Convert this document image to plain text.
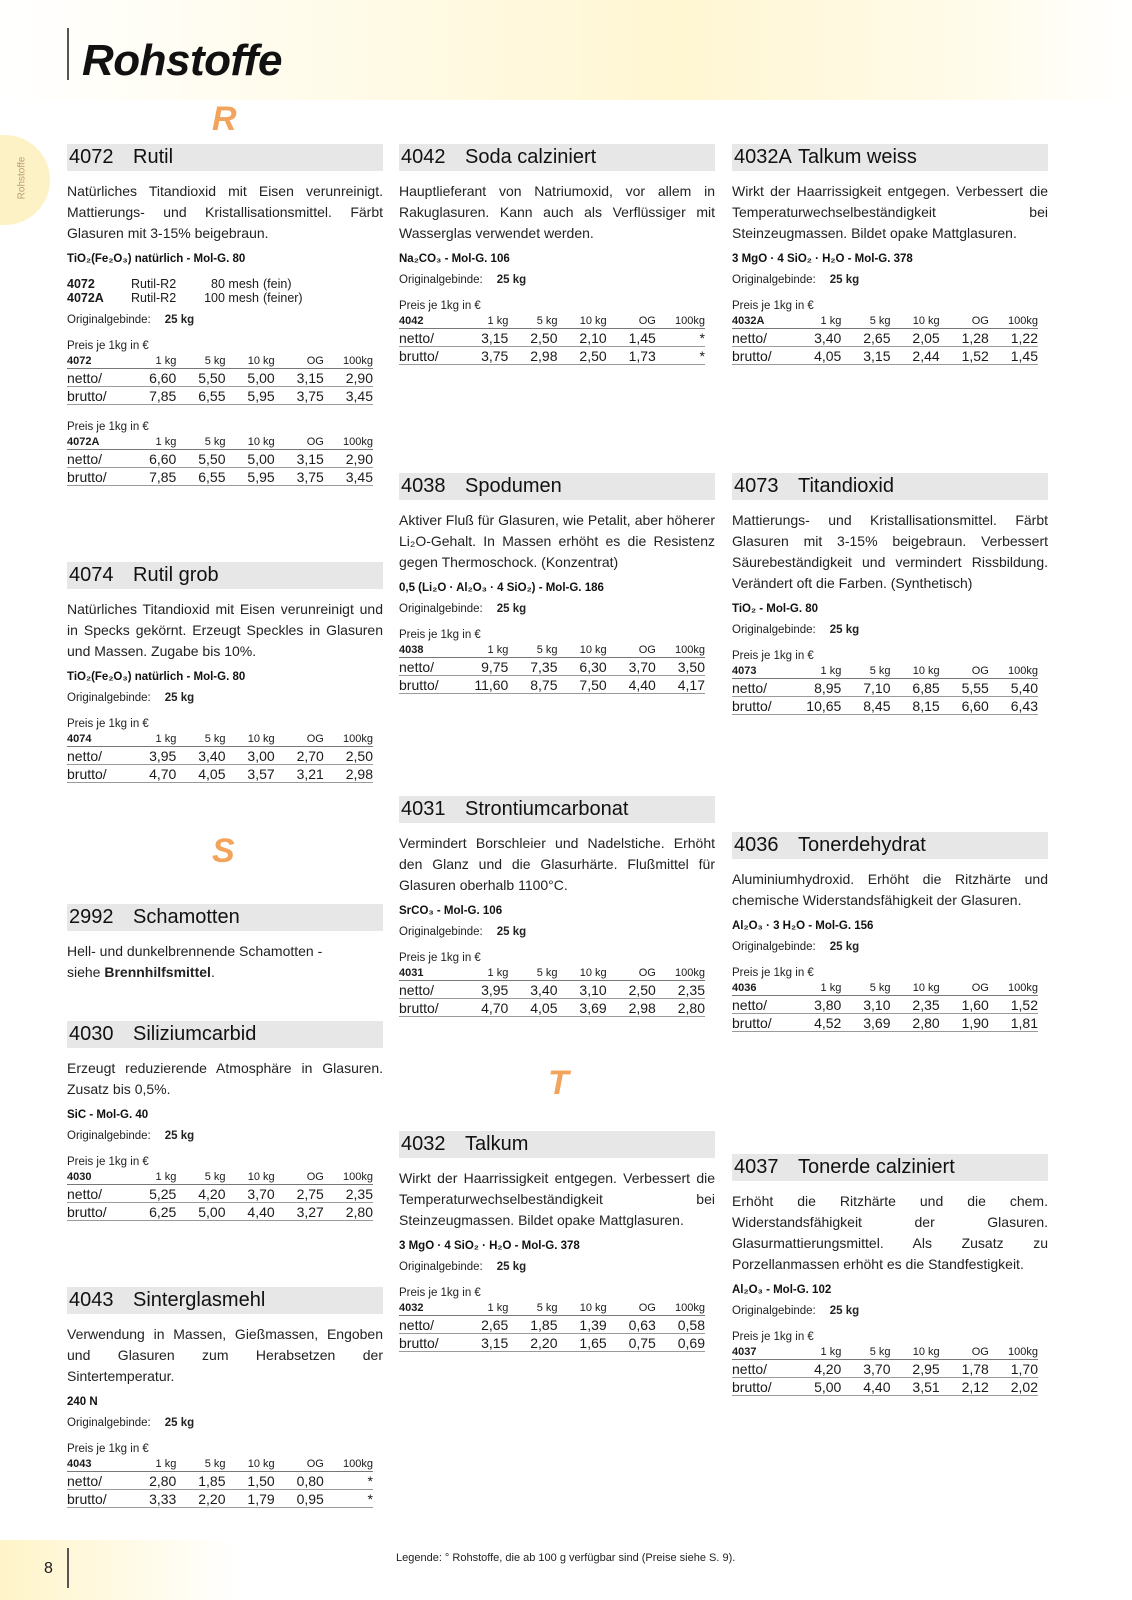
Rohstoffe
Rohstoffe
R
S
T
4072 Rutil
Natürliches Titandioxid mit Eisen verunreinigt. Mattierungs- und Kristallisationsmittel. Färbt Glasuren mit 3-15% beigebraun.
TiO₂(Fe₂O₃) natürlich - Mol-G. 80
4072	Rutil-R2	80 mesh (fein)
4072A Rutil-R2 100 mesh (feiner)
Originalgebinde: 25 kg
Preis je 1kg in €
4072	1 kg	5 kg	10 kg	OG	100kg
netto/	6,60	5,50	5,00	3,15	2,90
brutto/	7,85	6,55	5,95	3,75	3,45
Preis je 1kg in €
4072A	1 kg	5 kg	10 kg	OG	100kg
netto/	6,60	5,50	5,00	3,15	2,90
brutto/	7,85	6,55	5,95	3,75	3,45
4074 Rutil grob
Natürliches Titandioxid mit Eisen verunreinigt und in Specks gekörnt. Erzeugt Speckles in Glasuren und Massen. Zugabe bis 10%.
TiO₂(Fe₂O₃) natürlich - Mol-G. 80
Originalgebinde: 25 kg
Preis je 1kg in €
4074	1 kg	5 kg	10 kg	OG	100kg
netto/	3,95	3,40	3,00	2,70	2,50
brutto/	4,70	4,05	3,57	3,21	2,98
2992 Schamotten
Hell- und dunkelbrennende Schamotten -
siehe Brennhilfsmittel.
4030 Siliziumcarbid
Erzeugt reduzierende Atmosphäre in Glasuren. Zusatz bis 0,5%.
SiC - Mol-G. 40
Originalgebinde: 25 kg
Preis je 1kg in €
4030	1 kg	5 kg	10 kg	OG	100kg
netto/	5,25	4,20	3,70	2,75	2,35
brutto/	6,25	5,00	4,40	3,27	2,80
4043 Sinterglasmehl
Verwendung in Massen, Gießmassen, Engoben und Glasuren zum Herabsetzen der Sintertemperatur.
240 N
Originalgebinde: 25 kg
Preis je 1kg in €
4043	1 kg	5 kg	10 kg	OG	100kg
netto/	2,80	1,85	1,50	0,80	*
brutto/	3,33	2,20	1,79	0,95	*
4042 Soda calziniert
Hauptlieferant von Natriumoxid, vor allem in Rakuglasuren. Kann auch als Verflüssiger mit Wasserglas verwendet werden.
Na₂CO₃ - Mol-G. 106
Originalgebinde: 25 kg
Preis je 1kg in €
4042	1 kg	5 kg	10 kg	OG	100kg
netto/	3,15	2,50	2,10	1,45	*
brutto/	3,75	2,98	2,50	1,73	*
4038 Spodumen
Aktiver Fluß für Glasuren, wie Petalit, aber höherer Li₂O-Gehalt. In Massen erhöht es die Resistenz gegen Thermoschock. (Konzentrat)
0,5 (Li₂O · Al₂O₃ · 4 SiO₂) - Mol-G. 186
Originalgebinde: 25 kg
Preis je 1kg in €
4038	1 kg	5 kg	10 kg	OG	100kg
netto/	9,75	7,35	6,30	3,70	3,50
brutto/	11,60	8,75	7,50	4,40	4,17
4031 Strontiumcarbonat
Vermindert Borschleier und Nadelstiche. Erhöht den Glanz und die Glasurhärte. Flußmittel für Glasuren oberhalb 1100°C.
SrCO₃ - Mol-G. 106
Originalgebinde: 25 kg
Preis je 1kg in €
4031	1 kg	5 kg	10 kg	OG	100kg
netto/	3,95	3,40	3,10	2,50	2,35
brutto/	4,70	4,05	3,69	2,98	2,80
4032 Talkum
Wirkt der Haarrissigkeit entgegen. Verbessert die Temperaturwechselbeständigkeit bei Steinzeugmassen. Bildet opake Mattglasuren.
3 MgO · 4 SiO₂ · H₂O - Mol-G. 378
Originalgebinde: 25 kg
Preis je 1kg in €
4032	1 kg	5 kg	10 kg	OG	100kg
netto/	2,65	1,85	1,39	0,63	0,58
brutto/	3,15	2,20	1,65	0,75	0,69
4032A Talkum weiss
Wirkt der Haarrissigkeit entgegen. Verbessert die Temperaturwechselbeständigkeit bei Steinzeugmassen. Bildet opake Mattglasuren.
3 MgO · 4 SiO₂ · H₂O - Mol-G. 378
Originalgebinde: 25 kg
Preis je 1kg in €
4032A	1 kg	5 kg	10 kg	OG	100kg
netto/	3,40	2,65	2,05	1,28	1,22
brutto/	4,05	3,15	2,44	1,52	1,45
4073 Titandioxid
Mattierungs- und Kristallisationsmittel. Färbt Glasuren mit 3-15% beigebraun. Verbessert Säurebeständigkeit und vermindert Rissbildung. Verändert oft die Farben. (Synthetisch)
TiO₂ - Mol-G. 80
Originalgebinde: 25 kg
Preis je 1kg in €
4073	1 kg	5 kg	10 kg	OG	100kg
netto/	8,95	7,10	6,85	5,55	5,40
brutto/	10,65	8,45	8,15	6,60	6,43
4036 Tonerdehydrat
Aluminiumhydroxid. Erhöht die Ritzhärte und chemische Widerstandsfähigkeit der Glasuren.
Al₂O₃ · 3 H₂O - Mol-G. 156
Originalgebinde: 25 kg
Preis je 1kg in €
4036	1 kg	5 kg	10 kg	OG	100kg
netto/	3,80	3,10	2,35	1,60	1,52
brutto/	4,52	3,69	2,80	1,90	1,81
4037 Tonerde calziniert
Erhöht die Ritzhärte und die chem. Widerstandsfähigkeit der Glasuren. Glasurmattierungsmittel. Als Zusatz zu Porzellanmassen erhöht es die Standfestigkeit.
Al₂O₃ - Mol-G. 102
Originalgebinde: 25 kg
Preis je 1kg in €
4037	1 kg	5 kg	10 kg	OG	100kg
netto/	4,20	3,70	2,95	1,78	1,70
brutto/	5,00	4,40	3,51	2,12	2,02
8
Legende: ° Rohstoffe, die ab 100 g verfügbar sind (Preise siehe S. 9).
